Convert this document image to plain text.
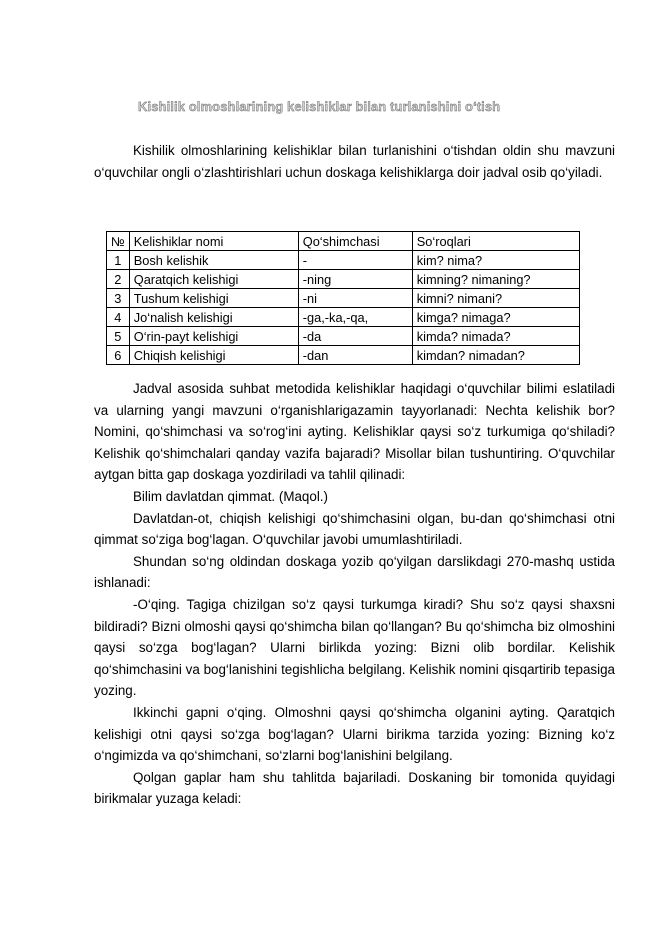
Kishilik olmoshlarining kelishiklar bilan turlanishini o‘tish

Kishilik olmoshlarining kelishiklar bilan turlanishini o‘tishdan oldin shu mavzuni o‘quvchilar ongli o‘zlashtirishlari uchun doskaga kelishiklarga doir jadval osib qo‘yiladi.

№	Kelishiklar nomi	Qo‘shimchasi	So‘roqlari
1	Bosh kelishik	-	kim? nima?
2	Qaratqich kelishigi	-ning	kimning? nimaning?
3	Tushum kelishigi	-ni	kimni? nimani?
4	Jo‘nalish kelishigi	-ga,-ka,-qa,	kimga? nimaga?
5	O‘rin-payt kelishigi	-da	kimda? nimada?
6	Chiqish kelishigi	-dan	kimdan? nimadan?

Jadval asosida suhbat metodida kelishiklar haqidagi o‘quvchilar bilimi eslatiladi va ularning yangi mavzuni o‘rganishlarigazamin tayyorlanadi: Nechta kelishik bor? Nomini, qo‘shimchasi va so‘rog‘ini ayting. Kelishiklar qaysi so‘z turkumiga qo‘shiladi? Kelishik qo‘shimchalari qanday vazifa bajaradi? Misollar bilan tushuntiring. O‘quvchilar aytgan bitta gap doskaga yozdiriladi va tahlil qilinadi:

Bilim davlatdan qimmat. (Maqol.)

Davlatdan-ot, chiqish kelishigi qo‘shimchasini olgan, bu-dan qo‘shimchasi otni qimmat so‘ziga bog‘lagan. O‘quvchilar javobi umumlashtiriladi.

Shundan so‘ng oldindan doskaga yozib qo‘yilgan darslikdagi 270-mashq ustida ishlanadi:

-O‘qing. Tagiga chizilgan so‘z qaysi turkumga kiradi? Shu so‘z qaysi shaxsni bildiradi? Bizni olmoshi qaysi qo‘shimcha bilan qo‘llangan? Bu qo‘shimcha biz olmoshini qaysi so‘zga bog‘lagan? Ularni birlikda yozing: Bizni olib bordilar. Kelishik qo‘shimchasini va bog‘lanishini tegishlicha belgilang. Kelishik nomini qisqartirib tepasiga yozing.

Ikkinchi gapni o‘qing. Olmoshni qaysi qo‘shimcha olganini ayting. Qaratqich kelishigi otni qaysi so‘zga bog‘lagan? Ularni birikma tarzida yozing: Bizning ko‘z o‘ngimizda va qo‘shimchani, so‘zlarni bog‘lanishini belgilang.

Qolgan gaplar ham shu tahlitda bajariladi. Doskaning bir tomonida quyidagi birikmalar yuzaga keladi:
